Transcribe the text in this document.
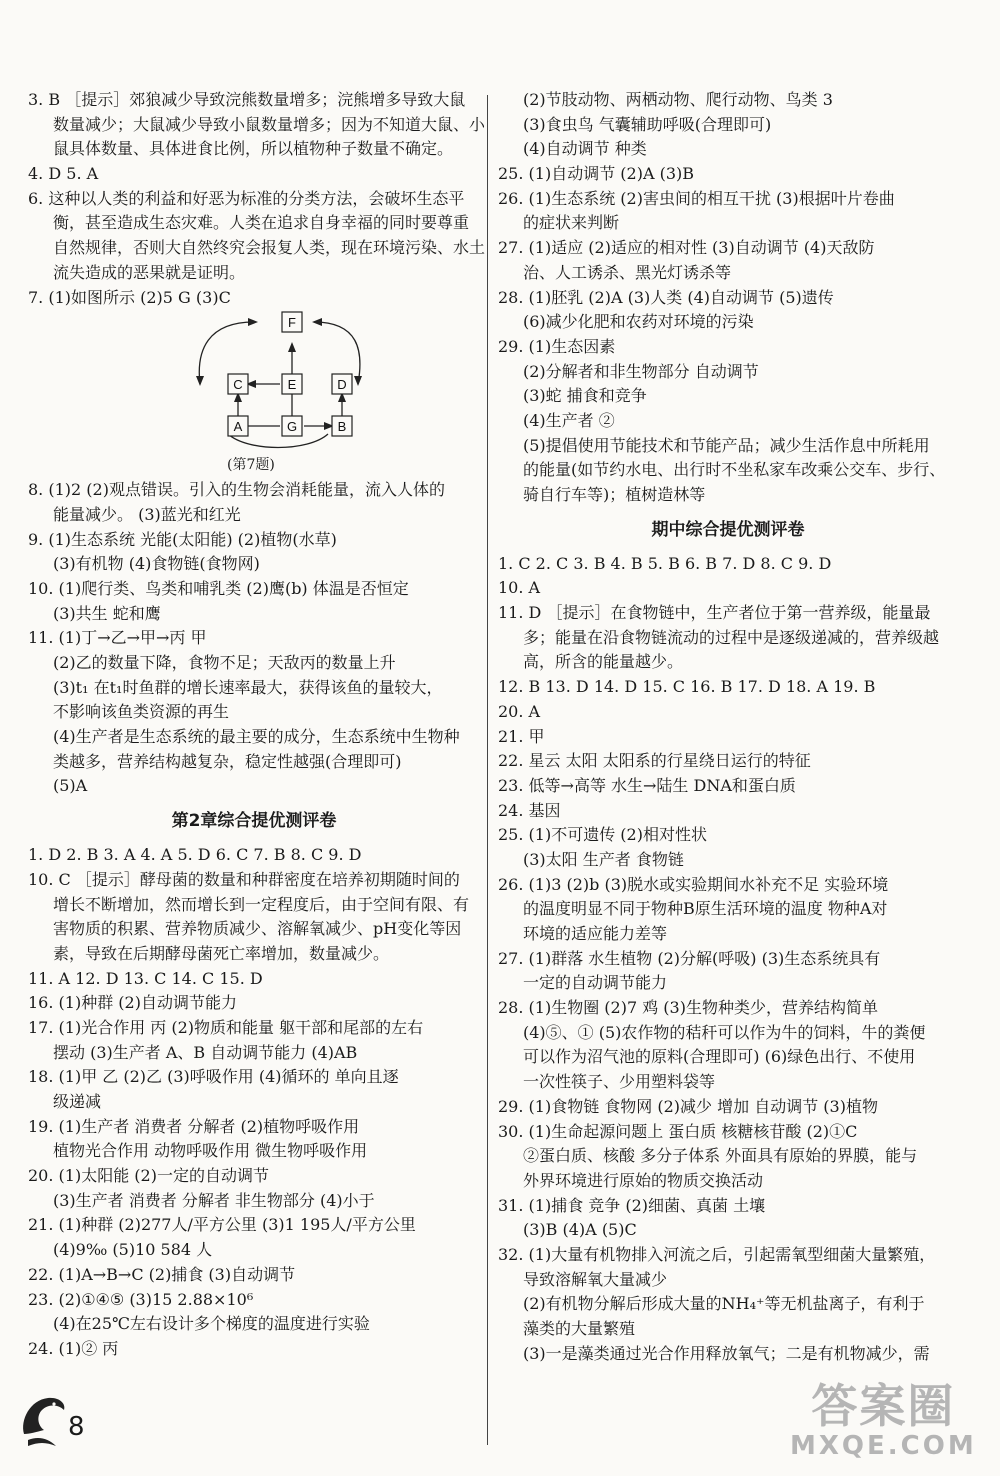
3. B ［提示］郊狼减少导致浣熊数量增多；浣熊增多导致大鼠
数量减少；大鼠减少导致小鼠数量增多；因为不知道大鼠、小
鼠具体数量、具体进食比例，所以植物种子数量不确定。
4. D 5. A
6. 这种以人类的利益和好恶为标准的分类方法，会破坏生态平
衡，甚至造成生态灾难。人类在追求自身幸福的同时要尊重
自然规律，否则大自然终究会报复人类，现在环境污染、水土
流失造成的恶果就是证明。
7. (1)如图所示 (2)5 G (3)C
F
C	E	D
A	G	B
(第7题)
8. (1)2 (2)观点错误。引入的生物会消耗能量，流入人体的
能量减少。 (3)蓝光和红光
9. (1)生态系统 光能(太阳能) (2)植物(水草)
(3)有机物 (4)食物链(食物网)
10. (1)爬行类、鸟类和哺乳类 (2)鹰(b) 体温是否恒定
(3)共生 蛇和鹰
11. (1)丁→乙→甲→丙 甲
(2)乙的数量下降，食物不足；天敌丙的数量上升
(3)t₁ 在t₁时鱼群的增长速率最大，获得该鱼的量较大，
不影响该鱼类资源的再生
(4)生产者是生态系统的最主要的成分，生态系统中生物种
类越多，营养结构越复杂，稳定性越强(合理即可)
(5)A
第2章综合提优测评卷
1. D 2. B 3. A 4. A 5. D 6. C 7. B 8. C 9. D
10. C ［提示］酵母菌的数量和种群密度在培养初期随时间的
增长不断增加，然而增长到一定程度后，由于空间有限、有
害物质的积累、营养物质减少、溶解氧减少、pH变化等因
素，导致在后期酵母菌死亡率增加，数量减少。
11. A 12. D 13. C 14. C 15. D
16. (1)种群 (2)自动调节能力
17. (1)光合作用 丙 (2)物质和能量 躯干部和尾部的左右
摆动 (3)生产者 A、B 自动调节能力 (4)AB
18. (1)甲 乙 (2)乙 (3)呼吸作用 (4)循环的 单向且逐
级递减
19. (1)生产者 消费者 分解者 (2)植物呼吸作用
植物光合作用 动物呼吸作用 微生物呼吸作用
20. (1)太阳能 (2)一定的自动调节
(3)生产者 消费者 分解者 非生物部分 (4)小于
21. (1)种群 (2)277人/平方公里 (3)1 195人/平方公里
(4)9‰ (5)10 584 人
22. (1)A→B→C (2)捕食 (3)自动调节
23. (2)①④⑤ (3)15 2.88×10⁶
(4)在25℃左右设计多个梯度的温度进行实验
24. (1)② 丙
(2)节肢动物、两栖动物、爬行动物、鸟类 3
(3)食虫鸟 气囊辅助呼吸(合理即可)
(4)自动调节 种类
25. (1)自动调节 (2)A (3)B
26. (1)生态系统 (2)害虫间的相互干扰 (3)根据叶片卷曲
的症状来判断
27. (1)适应 (2)适应的相对性 (3)自动调节 (4)天敌防
治、人工诱杀、黑光灯诱杀等
28. (1)胚乳 (2)A (3)人类 (4)自动调节 (5)遗传
(6)减少化肥和农药对环境的污染
29. (1)生态因素
(2)分解者和非生物部分 自动调节
(3)蛇 捕食和竞争
(4)生产者 ②
(5)提倡使用节能技术和节能产品；减少生活作息中所耗用
的能量(如节约水电、出行时不坐私家车改乘公交车、步行、
骑自行车等)；植树造林等
期中综合提优测评卷
1. C 2. C 3. B 4. B 5. B 6. B 7. D 8. C 9. D
10. A
11. D ［提示］在食物链中，生产者位于第一营养级，能量最
多；能量在沿食物链流动的过程中是逐级递减的，营养级越
高，所含的能量越少。
12. B 13. D 14. D 15. C 16. B 17. D 18. A 19. B
20. A
21. 甲
22. 星云 太阳 太阳系的行星绕日运行的特征
23. 低等→高等 水生→陆生 DNA和蛋白质
24. 基因
25. (1)不可遗传 (2)相对性状
(3)太阳 生产者 食物链
26. (1)3 (2)b (3)脱水或实验期间水补充不足 实验环境
的温度明显不同于物种B原生活环境的温度 物种A对
环境的适应能力差等
27. (1)群落 水生植物 (2)分解(呼吸) (3)生态系统具有
一定的自动调节能力
28. (1)生物圈 (2)7 鸡 (3)生物种类少，营养结构简单
(4)⑤、① (5)农作物的秸秆可以作为牛的饲料，牛的粪便
可以作为沼气池的原料(合理即可) (6)绿色出行、不使用
一次性筷子、少用塑料袋等
29. (1)食物链 食物网 (2)减少 增加 自动调节 (3)植物
30. (1)生命起源问题上 蛋白质 核糖核苷酸 (2)①C
②蛋白质、核酸 多分子体系 外面具有原始的界膜，能与
外界环境进行原始的物质交换活动
31. (1)捕食 竞争 (2)细菌、真菌 土壤
(3)B (4)A (5)C
32. (1)大量有机物排入河流之后，引起需氧型细菌大量繁殖，
导致溶解氧大量减少
(2)有机物分解后形成大量的NH₄⁺等无机盐离子，有利于
藻类的大量繁殖
(3)一是藻类通过光合作用释放氧气；二是有机物减少，需
8	答案圈
MXQE.COM
